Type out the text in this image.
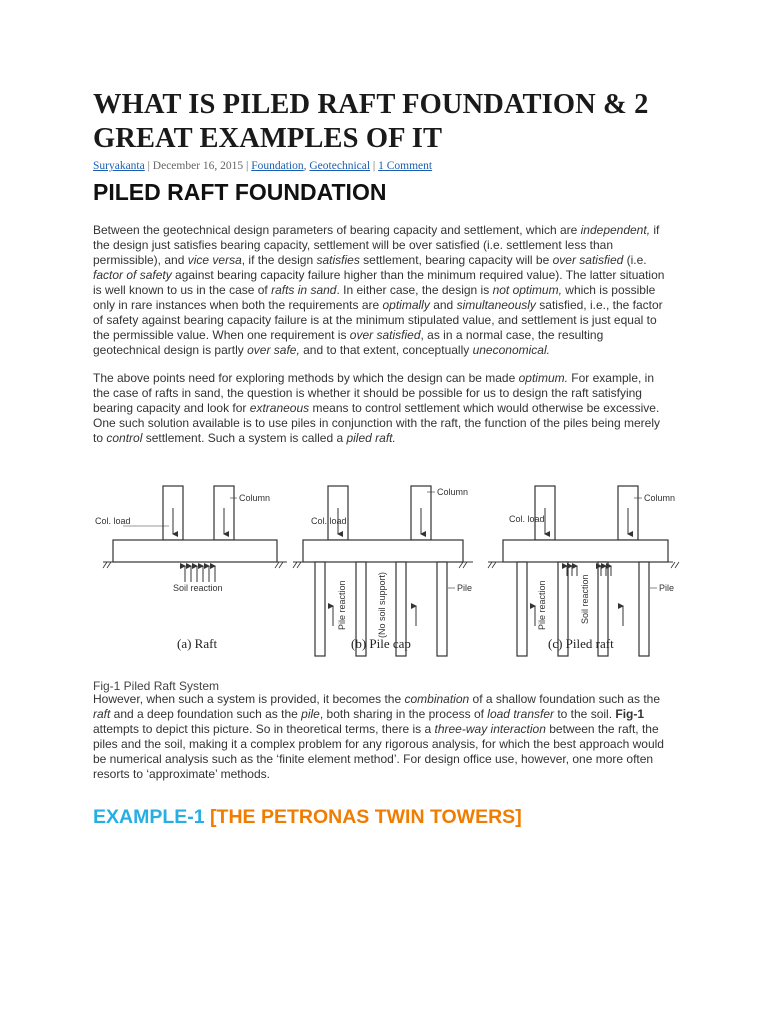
WHAT IS PILED RAFT FOUNDATION & 2 GREAT EXAMPLES OF IT
Suryakanta | December 16, 2015 | Foundation, Geotechnical | 1 Comment
PILED RAFT FOUNDATION

Between the geotechnical design parameters of bearing capacity and settlement, which are independent, if the design just satisfies bearing capacity, settlement will be over satisfied (i.e. settlement less than permissible), and vice versa, if the design satisfies settlement, bearing capacity will be over satisfied (i.e. factor of safety against bearing capacity failure higher than the minimum required value). The latter situation is well known to us in the case of rafts in sand. In either case, the design is not optimum, which is possible only in rare instances when both the requirements are optimally and simultaneously satisfied, i.e., the factor of safety against bearing capacity failure is at the minimum stipulated value, and settlement is just equal to the permissible value. When one requirement is over satisfied, as in a normal case, the resulting geotechnical design is partly over safe, and to that extent, conceptually uneconomical.

The above points need for exploring methods by which the design can be made optimum. For example, in the case of rafts in sand, the question is whether it should be possible for us to design the raft satisfying bearing capacity and look for extraneous means to control settlement which would otherwise be excessive. One such solution available is to use piles in conjunction with the raft, the function of the piles being merely to control settlement. Such a system is called a piled raft.

Col. load
Column
Soil reaction
(a) Raft
Col. load
Column
Pile reaction	(No soil support)	Pile
(b) Pile cap
Col. load
Column
Pile reaction	Soil reaction	Pile
(c) Piled raft
Fig-1 Piled Raft System

However, when such a system is provided, it becomes the combination of a shallow foundation such as the raft and a deep foundation such as the pile, both sharing in the process of load transfer to the soil. Fig-1 attempts to depict this picture. So in theoretical terms, there is a three-way interaction between the raft, the piles and the soil, making it a complex problem for any rigorous analysis, for which the best approach would be numerical analysis such as the ‘finite element method’. For design office use, however, one more often resorts to ‘approximate’ methods.

EXAMPLE-1 [THE PETRONAS TWIN TOWERS]
